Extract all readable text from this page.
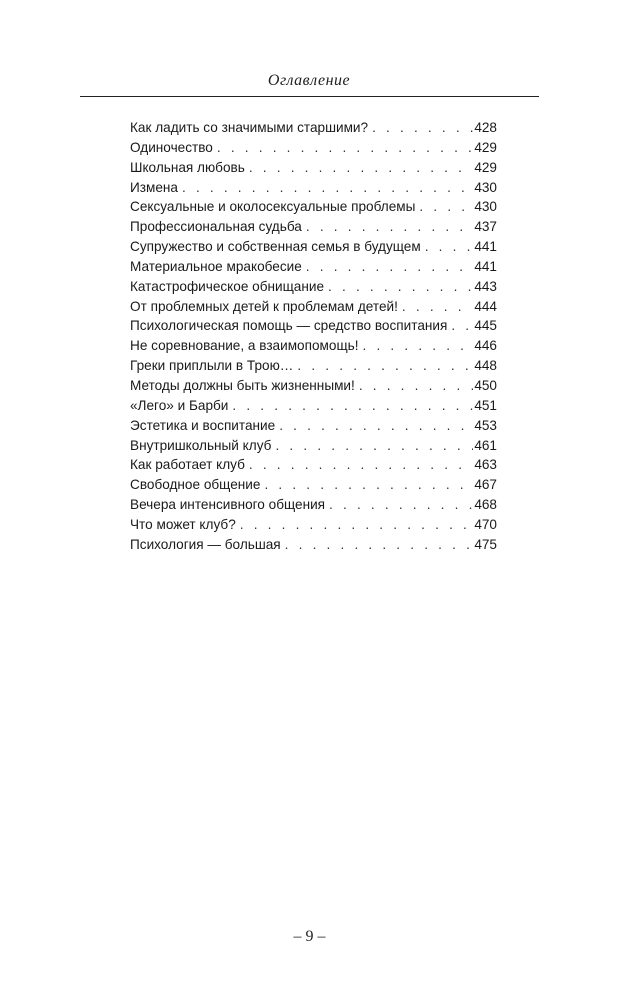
Оглавление
Как ладить со значимыми старшими? . . .	428
Одиночество . . .	429
Школьная любовь . . .	429
Измена . . .	430
Сексуальные и околосексуальные проблемы . . .	430
Профессиональная судьба . . .	437
Супружество и собственная семья в будущем . . .	441
Материальное мракобесие . . .	441
Катастрофическое обнищание . . .	443
От проблемных детей к проблемам детей! . . .	444
Психологическая помощь — средство воспитания . . . 445
Не соревнование, а взаимопомощь! . . .	446
Греки приплыли в Трою… . . .	448
Методы должны быть жизненными! . . .	450
«Лего» и Барби . . .	451
Эстетика и воспитание . . .	453
Внутришкольный клуб . . .	461
Как работает клуб . . .	463
Свободное общение . . .	467
Вечера интенсивного общения . . .	468
Что может клуб? . . .	470
Психология — большая . . .	475
– 9 –
